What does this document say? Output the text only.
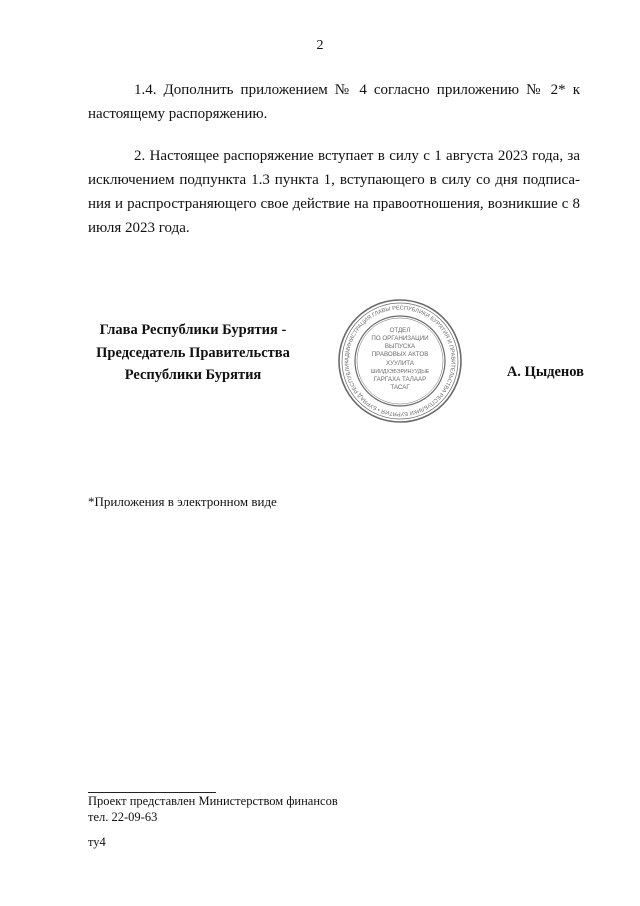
2

1.4. Дополнить приложением № 4 согласно приложению № 2* к настоящему распоряжению.

2. Настоящее распоряжение вступает в силу с 1 августа 2023 года, за исключением подпункта 1.3 пункта 1, вступающего в силу со дня подписа-ния и распространяющего свое действие на правоотношения, возникшие с 8 июля 2023 года.

Глава Республики Бурятия -
Председатель Правительства
Республики Бурятия
АДМИНИСТРАЦИЯ ГЛАВЫ РЕСПУБЛИКИ БУРЯТИЯ И ПРАВИТЕЛЬСТВА РЕСПУБЛИКИ БУРЯТИЯ • БУРЯАД РЕСПУБЛИК
ОТДЕЛ
ПО ОРГАНИЗАЦИИ
ВЫПУСКА
ПРАВОВЫХ АКТОВ
ХУУЛИТА
ШИИДХЭБЭРИНУУДЫЕ
ГАРГАХА ТАЛААР
ТАСАГ
А. Цыденов
*Приложения в электронном виде
Проект представлен Министерством финансов
тел. 22-09-63
ту4
